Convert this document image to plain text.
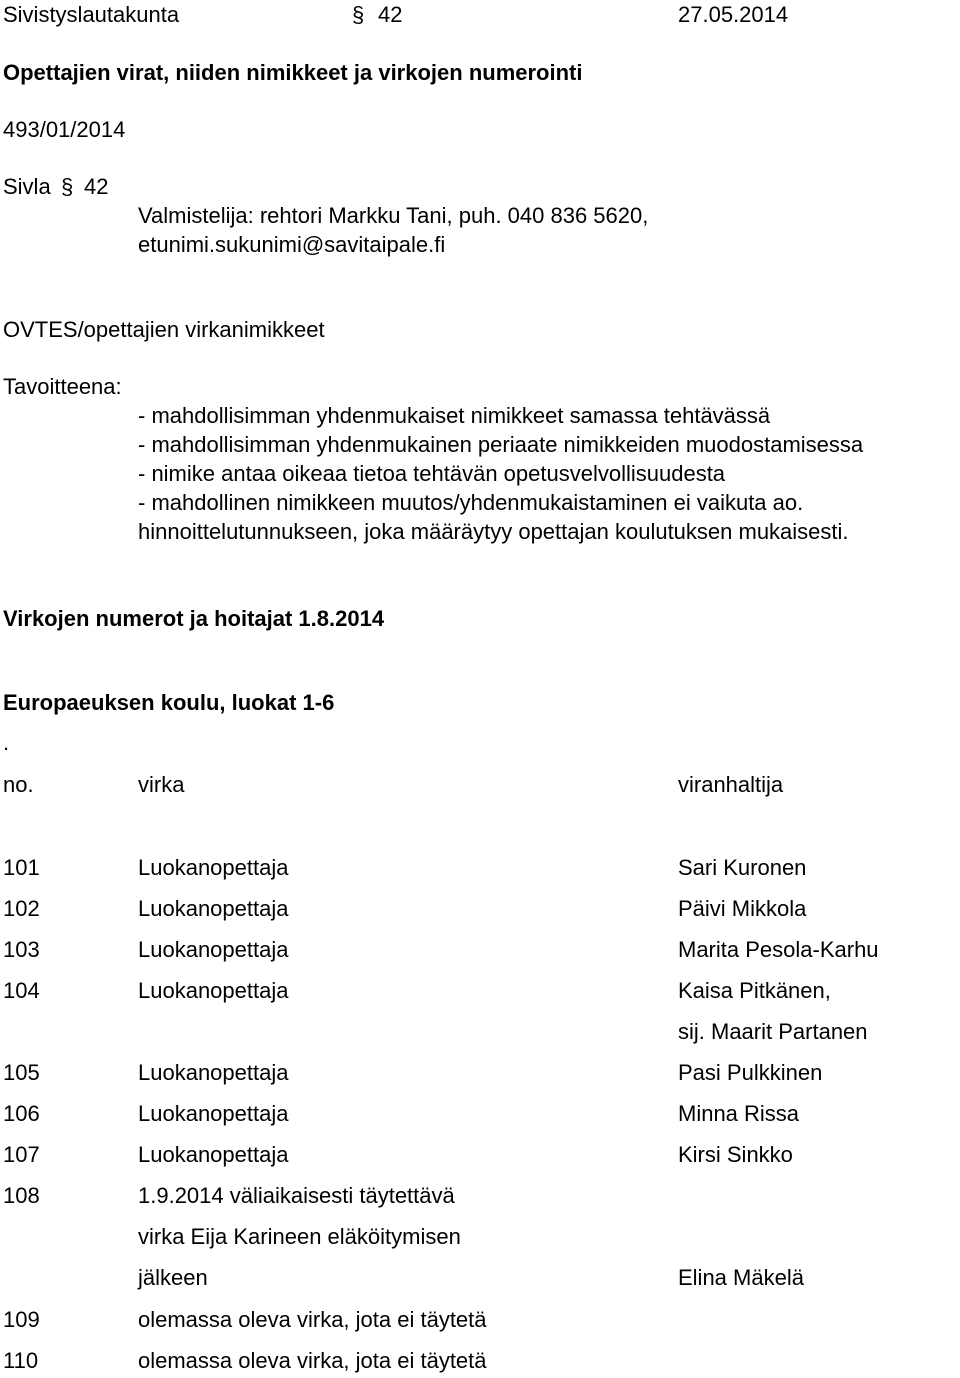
Sivistyslautakunta	§ 42	27.05.2014
Opettajien virat, niiden nimikkeet ja virkojen numerointi
493/01/2014
Sivla § 42
Valmistelija: rehtori Markku Tani, puh. 040 836 5620,
etunimi.sukunimi@savitaipale.fi
OVTES/opettajien virkanimikkeet
Tavoitteena:
- mahdollisimman yhdenmukaiset nimikkeet samassa tehtävässä
- mahdollisimman yhdenmukainen periaate nimikkeiden muodostamisessa
- nimike antaa oikeaa tietoa tehtävän opetusvelvollisuudesta
- mahdollinen nimikkeen muutos/yhdenmukaistaminen ei vaikuta ao.
hinnoittelutunnukseen, joka määräytyy opettajan koulutuksen mukaisesti.
Virkojen numerot ja hoitajat 1.8.2014
Europaeuksen koulu, luokat 1-6
.
no.	virka	viranhaltija
101	Luokanopettaja	Sari Kuronen
102	Luokanopettaja	Päivi Mikkola
103	Luokanopettaja	Marita Pesola-Karhu
104	Luokanopettaja	Kaisa Pitkänen,
sij. Maarit Partanen
105	Luokanopettaja	Pasi Pulkkinen
106	Luokanopettaja	Minna Rissa
107	Luokanopettaja	Kirsi Sinkko
108	1.9.2014 väliaikaisesti täytettävä
virka Eija Karineen eläköitymisen
jälkeen	Elina Mäkelä
109	olemassa oleva virka, jota ei täytetä
110	olemassa oleva virka, jota ei täytetä
